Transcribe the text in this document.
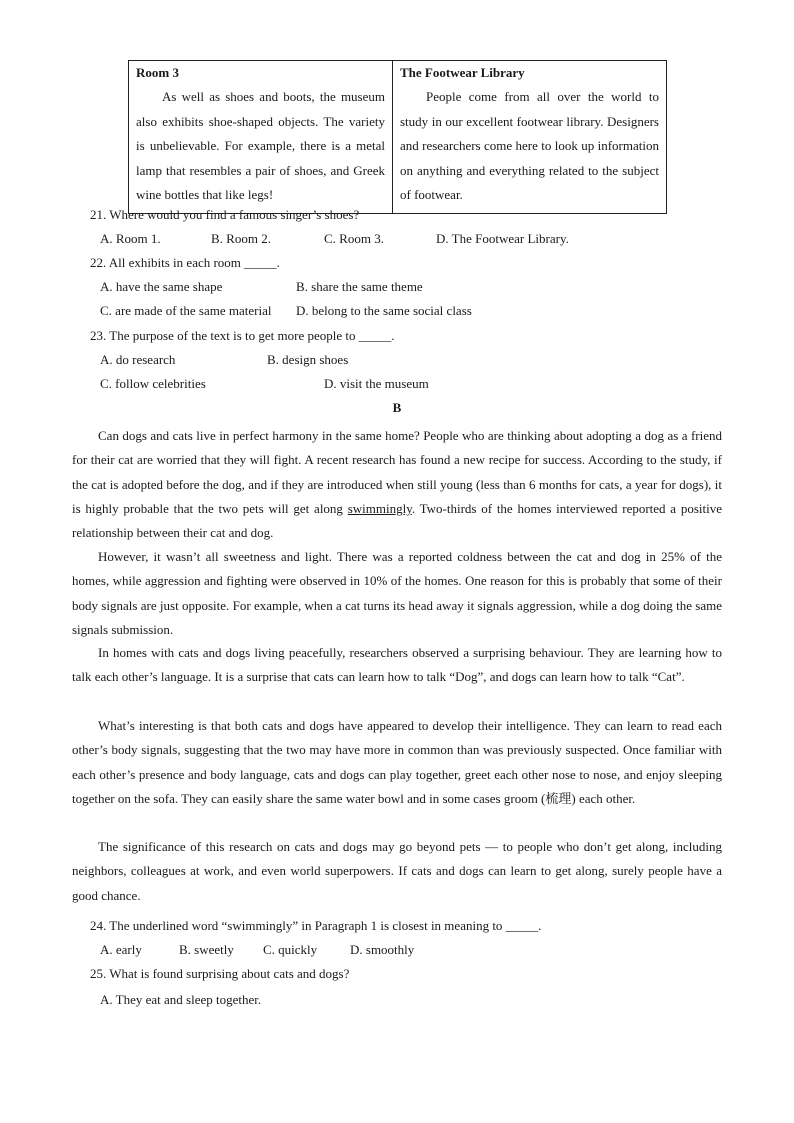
Room 3
As well as shoes and boots, the museum also exhibits shoe-shaped objects. The variety is unbelievable. For example, there is a metal lamp that resembles a pair of shoes, and Greek wine bottles that like legs!

The Footwear Library
People come from all over the world to study in our excellent footwear library. Designers and researchers come here to look up information on anything and everything related to the subject of footwear.
21. Where would you find a famous singer’s shoes?
A. Room 1.	B. Room 2.	C. Room 3.	D. The Footwear Library.
22. All exhibits in each room _____.
A. have the same shape	B. share the same theme
C. are made of the same material D. belong to the same social class
23. The purpose of the text is to get more people to _____.
A. do research	B. design shoes
C. follow celebrities	D. visit the museum
B
Can dogs and cats live in perfect harmony in the same home? People who are thinking about adopting a dog as a friend for their cat are worried that they will fight. A recent research has found a new recipe for success. According to the study, if the cat is adopted before the dog, and if they are introduced when still young (less than 6 months for cats, a year for dogs), it is highly probable that the two pets will get along swimmingly. Two-thirds of the homes interviewed reported a positive relationship between their cat and dog.
However, it wasn’t all sweetness and light. There was a reported coldness between the cat and dog in 25% of the homes, while aggression and fighting were observed in 10% of the homes. One reason for this is probably that some of their body signals are just opposite. For example, when a cat turns its head away it signals aggression, while a dog doing the same signals submission.
In homes with cats and dogs living peacefully, researchers observed a surprising behaviour. They are learning how to talk each other’s language. It is a surprise that cats can learn how to talk “Dog”, and dogs can learn how to talk “Cat”.
What’s interesting is that both cats and dogs have appeared to develop their intelligence. They can learn to read each other’s body signals, suggesting that the two may have more in common than was previously suspected. Once familiar with each other’s presence and body language, cats and dogs can play together, greet each other nose to nose, and enjoy sleeping together on the sofa. They can easily share the same water bowl and in some cases groom (梳理) each other.
The significance of this research on cats and dogs may go beyond pets — to people who don’t get along, including neighbors, colleagues at work, and even world superpowers. If cats and dogs can learn to get along, surely people have a good chance.
24. The underlined word “swimmingly” in Paragraph 1 is closest in meaning to _____.
A. early	B. sweetly C. quickly	D. smoothly
25. What is found surprising about cats and dogs?
A. They eat and sleep together.
